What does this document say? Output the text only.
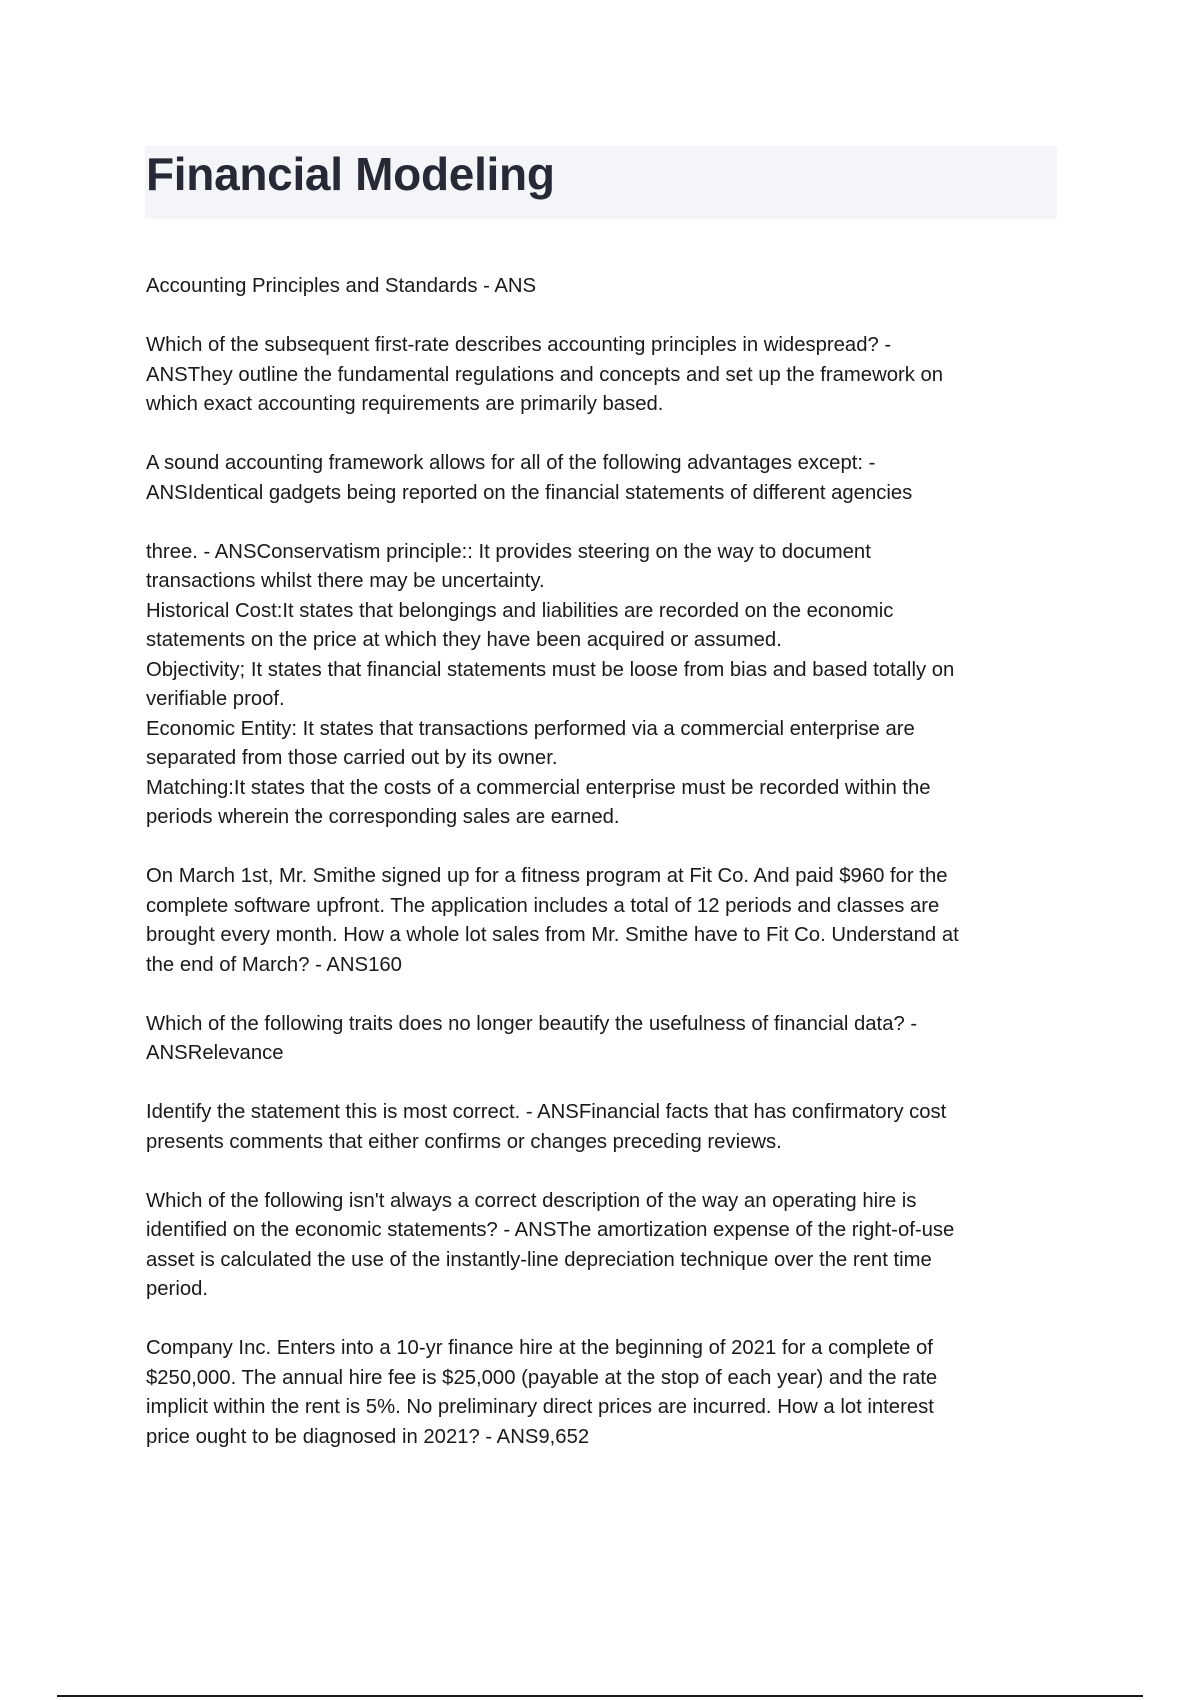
Financial Modeling

Accounting Principles and Standards - ANS

Which of the subsequent first-rate describes accounting principles in widespread? -
ANSThey outline the fundamental regulations and concepts and set up the framework on
which exact accounting requirements are primarily based.

A sound accounting framework allows for all of the following advantages except: -
ANSIdentical gadgets being reported on the financial statements of different agencies

three. - ANSConservatism principle:: It provides steering on the way to document
transactions whilst there may be uncertainty.
Historical Cost:It states that belongings and liabilities are recorded on the economic
statements on the price at which they have been acquired or assumed.
Objectivity; It states that financial statements must be loose from bias and based totally on
verifiable proof.
Economic Entity: It states that transactions performed via a commercial enterprise are
separated from those carried out by its owner.
Matching:It states that the costs of a commercial enterprise must be recorded within the
periods wherein the corresponding sales are earned.

On March 1st, Mr. Smithe signed up for a fitness program at Fit Co. And paid $960 for the
complete software upfront. The application includes a total of 12 periods and classes are
brought every month. How a whole lot sales from Mr. Smithe have to Fit Co. Understand at
the end of March? - ANS160

Which of the following traits does no longer beautify the usefulness of financial data? -
ANSRelevance

Identify the statement this is most correct. - ANSFinancial facts that has confirmatory cost
presents comments that either confirms or changes preceding reviews.

Which of the following isn't always a correct description of the way an operating hire is
identified on the economic statements? - ANSThe amortization expense of the right-of-use
asset is calculated the use of the instantly-line depreciation technique over the rent time
period.

Company Inc. Enters into a 10-yr finance hire at the beginning of 2021 for a complete of
$250,000. The annual hire fee is $25,000 (payable at the stop of each year) and the rate
implicit within the rent is 5%. No preliminary direct prices are incurred. How a lot interest
price ought to be diagnosed in 2021? - ANS9,652
